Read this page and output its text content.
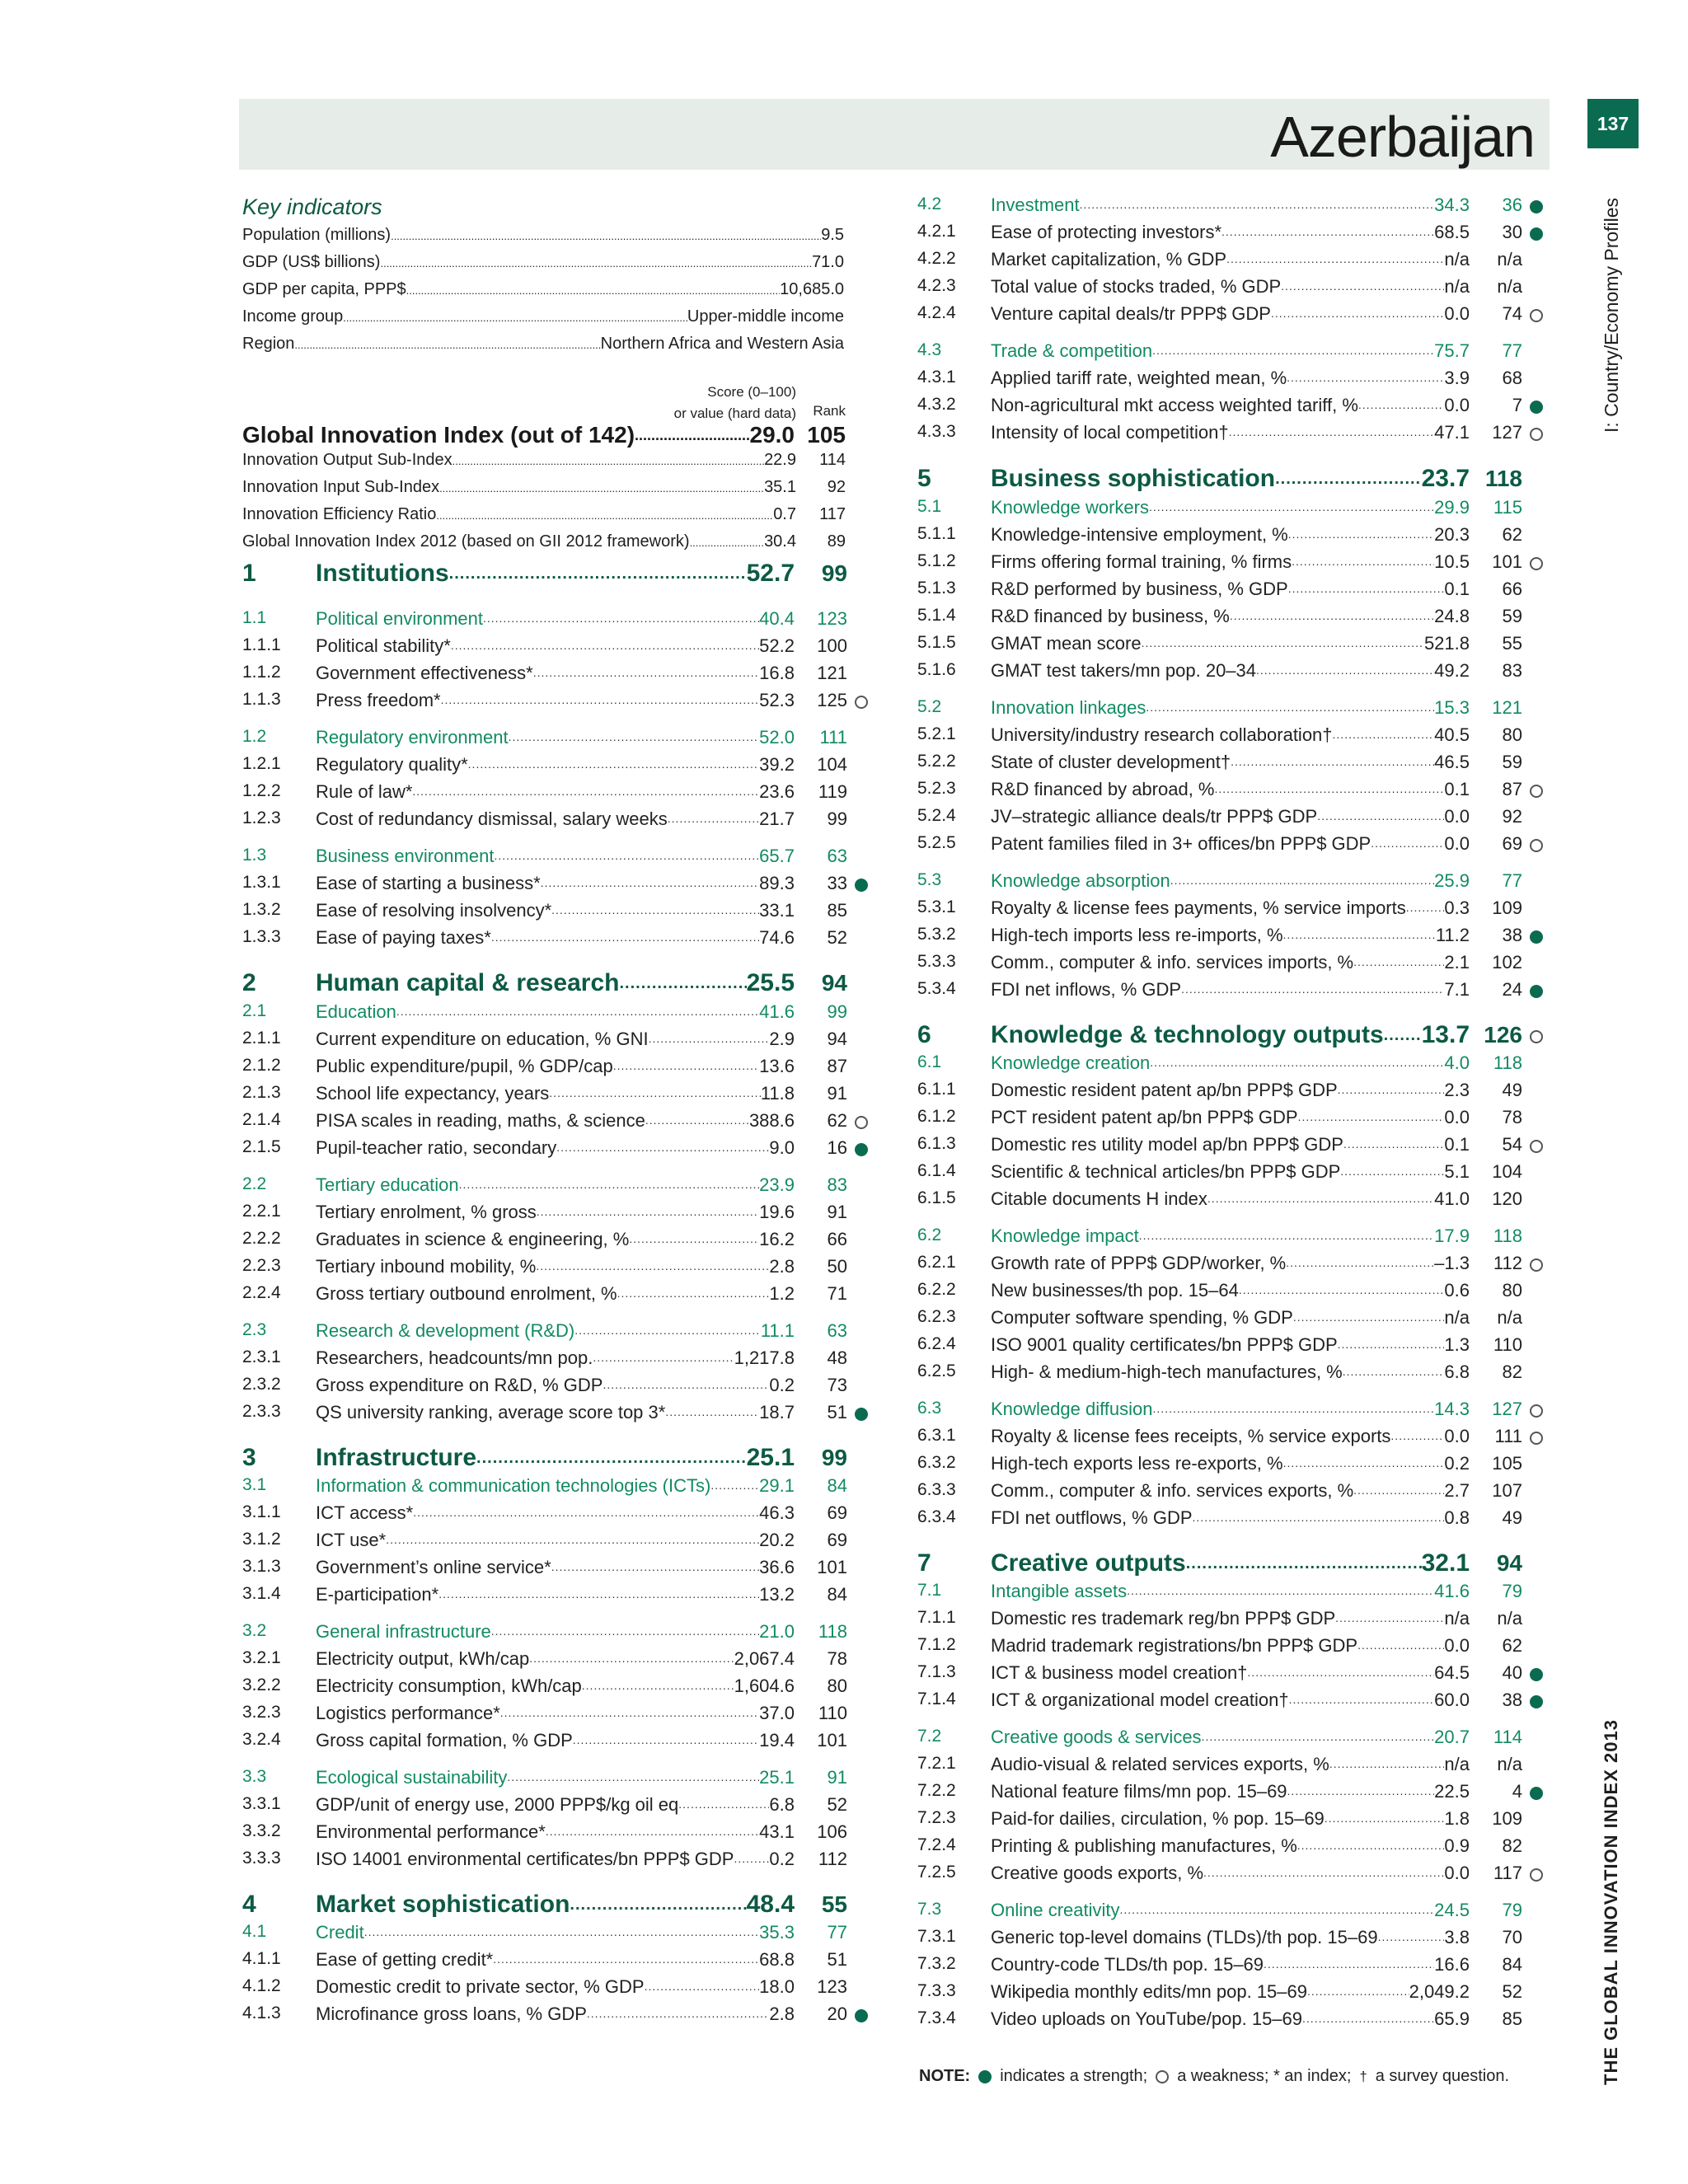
Azerbaijan	137
I: Country/Economy Profiles
THE GLOBAL INNOVATION INDEX 2013
Key indicators
Population (millions) .....	9.5
GDP (US$ billions) .....	71.0
GDP per capita, PPP$ .....	10,685.0
Income group .....	Upper-middle income
Region .....	Northern Africa and Western Asia
Score (0–100)
or value (hard data)	Rank
Global Innovation Index (out of 142) .....	29.0 105
Innovation Output Sub-Index .....	22.9	114
Innovation Input Sub-Index .....	35.1	92
Innovation Efficiency Ratio .....	0.7	117
Global Innovation Index 2012 (based on GII 2012 framework) .....	30.4	89
1 Institutions .....	52.7	99
1.1	Political environment .....	40.4	123
1.1.1 Political stability* .....	52.2	100
1.1.2 Government effectiveness* .....	16.8	121
1.1.3 Press freedom* .....	52.3	125
1.2	Regulatory environment .....	52.0	111
1.2.1 Regulatory quality* .....	39.2	104
1.2.2 Rule of law* .....	23.6	119
1.2.3 Cost of redundancy dismissal, salary weeks .....	21.7	99
1.3	Business environment .....	65.7	63
1.3.1 Ease of starting a business* .....	89.3	33
1.3.2 Ease of resolving insolvency* .....	33.1	85
1.3.3 Ease of paying taxes* .....	74.6	52
2 Human capital & research .....	25.5	94
2.1	Education .....	41.6	99
2.1.1 Current expenditure on education, % GNI .....	2.9	94
2.1.2 Public expenditure/pupil, % GDP/cap .....	13.6	87
2.1.3 School life expectancy, years .....	11.8	91
2.1.4 PISA scales in reading, maths, & science .....	388.6	62
2.1.5 Pupil-teacher ratio, secondary .....	9.0	16
2.2	Tertiary education .....	23.9	83
2.2.1 Tertiary enrolment, % gross .....	19.6	91
2.2.2 Graduates in science & engineering, % .....	16.2	66
2.2.3 Tertiary inbound mobility, % .....	2.8	50
2.2.4 Gross tertiary outbound enrolment, % .....	1.2	71
2.3	Research & development (R&D) .....	11.1	63
2.3.1 Researchers, headcounts/mn pop. .....	1,217.8	48
2.3.2 Gross expenditure on R&D, % GDP .....	0.2	73
2.3.3 QS university ranking, average score top 3* .....	18.7	51
3 Infrastructure .....	25.1	99
3.1	Information & communication technologies (ICTs) .....	29.1	84
3.1.1 ICT access* .....	46.3	69
3.1.2 ICT use* .....	20.2	69
3.1.3 Government’s online service* .....	36.6	101
3.1.4 E-participation* .....	13.2	84
3.2	General infrastructure .....	21.0	118
3.2.1 Electricity output, kWh/cap .....	2,067.4	78
3.2.2 Electricity consumption, kWh/cap .....	1,604.6	80
3.2.3 Logistics performance* .....	37.0	110
3.2.4 Gross capital formation, % GDP .....	19.4	101
3.3	Ecological sustainability .....	25.1	91
3.3.1 GDP/unit of energy use, 2000 PPP$/kg oil eq .....	6.8	52
3.3.2 Environmental performance* .....	43.1	106
3.3.3 ISO 14001 environmental certificates/bn PPP$ GDP ..... 0.2	112
4 Market sophistication .....	48.4	55
4.1	Credit .....	35.3	77
4.1.1 Ease of getting credit* .....	68.8	51
4.1.2 Domestic credit to private sector, % GDP .....	18.0	123
4.1.3 Microfinance gross loans, % GDP .....	2.8	20
4.2	Investment .....	34.3	36
4.2.1 Ease of protecting investors* .....	68.5	30
4.2.2 Market capitalization, % GDP .....	n/a	n/a
4.2.3 Total value of stocks traded, % GDP .....	n/a	n/a
4.2.4 Venture capital deals/tr PPP$ GDP .....	0.0	74
4.3	Trade & competition .....	75.7	77
4.3.1 Applied tariff rate, weighted mean, % .....	3.9	68
4.3.2 Non-agricultural mkt access weighted tariff, % .....	0.0	7
4.3.3 Intensity of local competition† .....	47.1	127
5 Business sophistication .....	23.7 118
5.1	Knowledge workers .....	29.9	115
5.1.1 Knowledge-intensive employment, % .....	20.3	62
5.1.2 Firms offering formal training, % firms .....	10.5	101
5.1.3 R&D performed by business, % GDP .....	0.1	66
5.1.4 R&D financed by business, % .....	24.8	59
5.1.5 GMAT mean score .....	521.8	55
5.1.6 GMAT test takers/mn pop. 20–34 .....	49.2	83
5.2	Innovation linkages .....	15.3	121
5.2.1 University/industry research collaboration† .....	40.5	80
5.2.2 State of cluster development† .....	46.5	59
5.2.3 R&D financed by abroad, % .....	0.1	87
5.2.4 JV–strategic alliance deals/tr PPP$ GDP .....	0.0	92
5.2.5 Patent families filed in 3+ offices/bn PPP$ GDP .....	0.0	69
5.3	Knowledge absorption .....	25.9	77
5.3.1 Royalty & license fees payments, % service imports ..... 0.3	109
5.3.2 High-tech imports less re-imports, % .....	11.2	38
5.3.3 Comm., computer & info. services imports, % .....	2.1	102
5.3.4 FDI net inflows, % GDP .....	7.1	24
6 Knowledge & technology outputs ..... 13.7 126
6.1	Knowledge creation .....	4.0	118
6.1.1 Domestic resident patent ap/bn PPP$ GDP .....	2.3	49
6.1.2 PCT resident patent ap/bn PPP$ GDP .....	0.0	78
6.1.3 Domestic res utility model ap/bn PPP$ GDP .....	0.1	54
6.1.4 Scientific & technical articles/bn PPP$ GDP .....	5.1	104
6.1.5 Citable documents H index .....	41.0	120
6.2	Knowledge impact .....	17.9	118
6.2.1 Growth rate of PPP$ GDP/worker, % .....	–1.3	112
6.2.2 New businesses/th pop. 15–64 .....	0.6	80
6.2.3 Computer software spending, % GDP .....	n/a	n/a
6.2.4 ISO 9001 quality certificates/bn PPP$ GDP .....	1.3	110
6.2.5 High- & medium-high-tech manufactures, % .....	6.8	82
6.3	Knowledge diffusion .....	14.3	127
6.3.1 Royalty & license fees receipts, % service exports .....	0.0	111
6.3.2 High-tech exports less re-exports, % .....	0.2	105
6.3.3 Comm., computer & info. services exports, % .....	2.7	107
6.3.4 FDI net outflows, % GDP .....	0.8	49
7 Creative outputs .....	32.1	94
7.1	Intangible assets .....	41.6	79
7.1.1 Domestic res trademark reg/bn PPP$ GDP .....	n/a	n/a
7.1.2 Madrid trademark registrations/bn PPP$ GDP .....	0.0	62
7.1.3 ICT & business model creation† .....	64.5	40
7.1.4 ICT & organizational model creation† .....	60.0	38
7.2	Creative goods & services .....	20.7	114
7.2.1 Audio-visual & related services exports, % .....	n/a	n/a
7.2.2 National feature films/mn pop. 15–69 .....	22.5	4
7.2.3 Paid-for dailies, circulation, % pop. 15–69 .....	1.8	109
7.2.4 Printing & publishing manufactures, % .....	0.9	82
7.2.5 Creative goods exports, % .....	0.0	117
7.3	Online creativity .....	24.5	79
7.3.1 Generic top-level domains (TLDs)/th pop. 15–69 .....	3.8	70
7.3.2 Country-code TLDs/th pop. 15–69 .....	16.6	84
7.3.3 Wikipedia monthly edits/mn pop. 15–69 .....	2,049.2	52
7.3.4 Video uploads on YouTube/pop. 15–69 .....	65.9	85
NOTE: indicates a strength; a weakness; * an index; † a survey question.
